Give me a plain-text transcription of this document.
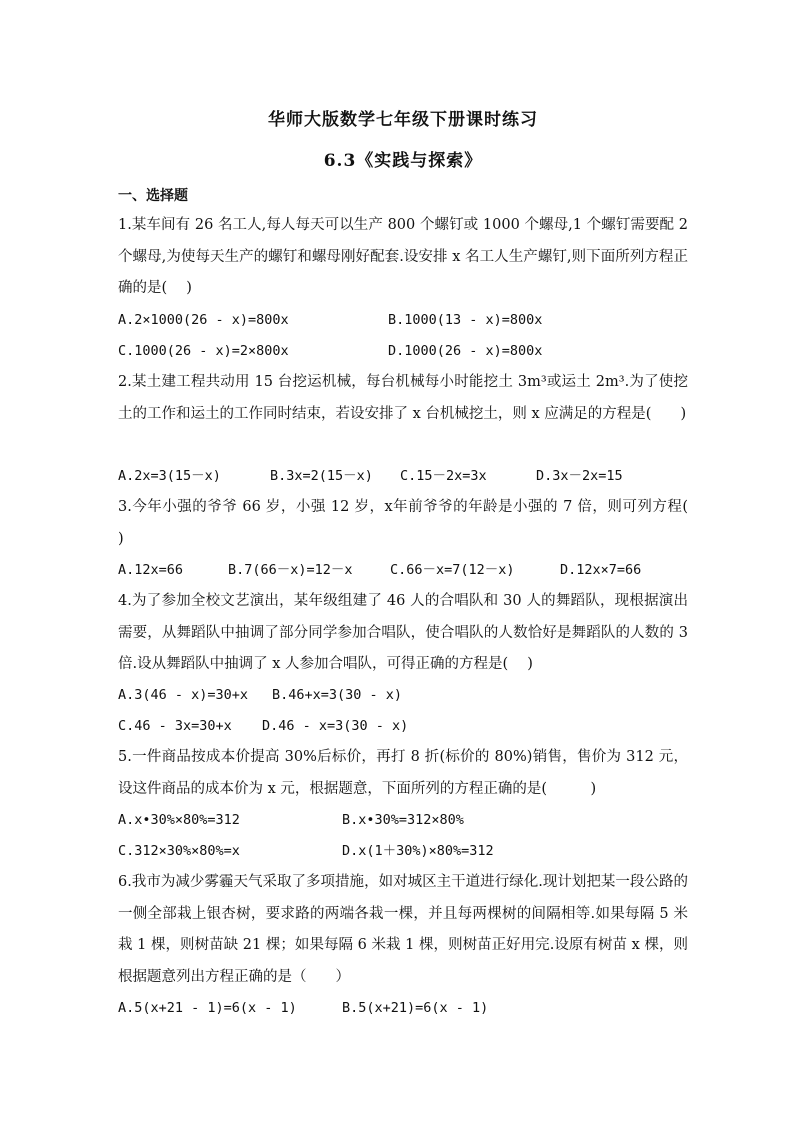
华师大版数学七年级下册课时练习
6.3《实践与探索》
一、选择题
1.某车间有 26 名工人,每人每天可以生产 800 个螺钉或 1000 个螺母,1 个螺钉需要配 2 个螺母,为使每天生产的螺钉和螺母刚好配套.设安排 x 名工人生产螺钉,则下面所列方程正确的是(　 )
A.2×1000(26 - x)=800x	B.1000(13 - x)=800x
C.1000(26 - x)=2×800x	D.1000(26 - x)=800x
2.某土建工程共动用 15 台挖运机械，每台机械每小时能挖土 3m³或运土 2m³.为了使挖土的工作和运土的工作同时结束，若设安排了 x 台机械挖土，则 x 应满足的方程是(　　)
A.2x=3(15－x)	B.3x=2(15－x) C.15－2x=3x	D.3x－2x=15
3.今年小强的爷爷 66 岁，小强 12 岁，x年前爷爷的年龄是小强的 7 倍，则可列方程(　 )
A.12x=66	B.7(66－x)=12－x	C.66－x=7(12－x)	D.12x×7=66
4.为了参加全校文艺演出，某年级组建了 46 人的合唱队和 30 人的舞蹈队，现根据演出需要，从舞蹈队中抽调了部分同学参加合唱队，使合唱队的人数恰好是舞蹈队的人数的 3 倍.设从舞蹈队中抽调了 x 人参加合唱队，可得正确的方程是(　 )
A.3(46 - x)=30+x B.46+x=3(30 - x)
C.46 - 3x=30+x D.46 - x=3(30 - x)
5.一件商品按成本价提高 30%后标价，再打 8 折(标价的 80%)销售，售价为 312 元，设这件商品的成本价为 x 元，根据题意，下面所列的方程正确的是(　　　)
A.x•30%×80%=312	B.x•30%=312×80%
C.312×30%×80%=x	D.x(1＋30%)×80%=312
6.我市为减少雾霾天气采取了多项措施，如对城区主干道进行绿化.现计划把某一段公路的一侧全部栽上银杏树，要求路的两端各栽一棵，并且每两棵树的间隔相等.如果每隔 5 米栽 1 棵，则树苗缺 21 棵；如果每隔 6 米栽 1 棵，则树苗正好用完.设原有树苗 x 棵，则根据题意列出方程正确的是（　　）
A.5(x+21 - 1)=6(x - 1)	B.5(x+21)=6(x - 1)
